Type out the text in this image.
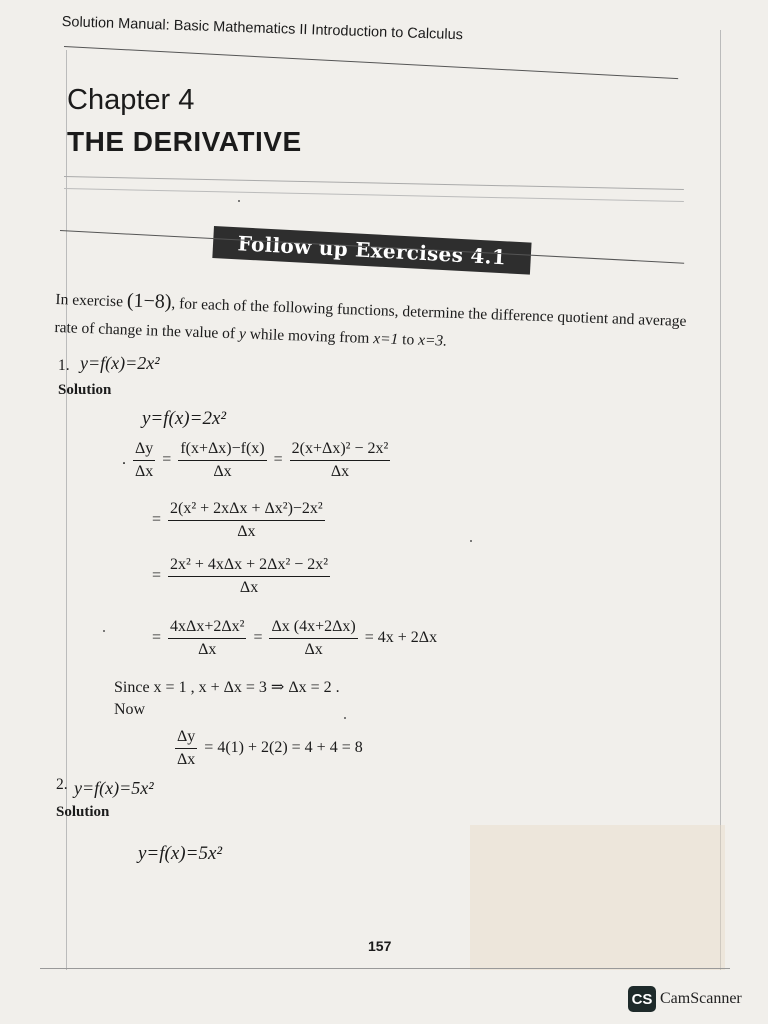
Solution Manual: Basic Mathematics II Introduction to Calculus
Chapter 4
THE DERIVATIVE
Follow up Exercises 4.1
In exercise (1−8), for each of the following functions, determine the difference quotient and average rate of change in the value of y while moving from x=1 to x=3.
1. y=f(x)=2x²
Solution
y=f(x)=2x²
. $\frac{\Delta y}{\Delta x} = \frac{f(x+\Delta x)-f(x)}{\Delta x} = \frac{\text{2(x+Δx)² − 2x²}}{\Delta x}$
= $\frac{\text{2(x² + 2xΔx + Δx²)−2x²}}{\Delta x}$
= $\frac{\text{2x² + 4xΔx + 2Δx² − 2x²}}{\Delta x}$
= $\frac{\text{4xΔx+2Δx²}}{\Delta x} = \frac{\Delta x (4x+2\Delta x)}{\Delta x} = 4x + 2\Delta x$
Since x = 1 , x + Δx = 3 ⇒ Δx = 2 .
Now
$\frac{\Delta y}{\Delta x} = 4(1) + 2(2) = 4 + 4 = 8$
2. y=f(x)=5x²
Solution
y=f(x)=5x²
157
CS CamScanner
